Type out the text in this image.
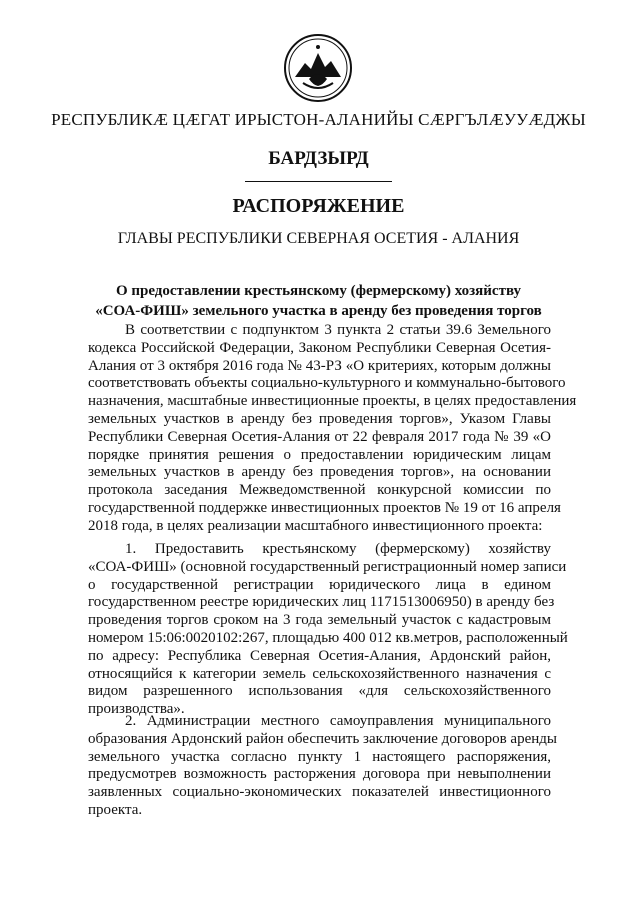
РЕСПУБЛИКӔ ЦӔГАТ ИРЫСТОН-АЛАНИЙЫ СӔРГЪЛӔУУӔДЖЫ
БАРДЗЫРД
РАСПОРЯЖЕНИЕ
ГЛАВЫ РЕСПУБЛИКИ СЕВЕРНАЯ ОСЕТИЯ - АЛАНИЯ
О предоставлении крестьянскому (фермерскому) хозяйству
«СОА-ФИШ» земельного участка в аренду без проведения торгов
В соответствии с подпунктом 3 пункта 2 статьи 39.6 Земельного
кодекса Российской Федерации, Законом Республики Северная Осетия-
Алания от 3 октября 2016 года № 43-РЗ «О критериях, которым должны
соответствовать объекты социально-культурного и коммунально-бытового
назначения, масштабные инвестиционные проекты, в целях предоставления
земельных участков в аренду без проведения торгов», Указом Главы
Республики Северная Осетия-Алания от 22 февраля 2017 года № 39 «О
порядке принятия решения о предоставлении юридическим лицам
земельных участков в аренду без проведения торгов», на основании
протокола заседания Межведомственной конкурсной комиссии по
государственной поддержке инвестиционных проектов № 19 от 16 апреля
2018 года, в целях реализации масштабного инвестиционного проекта:
1. Предоставить крестьянскому (фермерскому) хозяйству
«СОА-ФИШ» (основной государственный регистрационный номер записи
о государственной регистрации юридического лица в едином
государственном реестре юридических лиц 1171513006950) в аренду без
проведения торгов сроком на 3 года земельный участок с кадастровым
номером 15:06:0020102:267, площадью 400 012 кв.метров, расположенный
по адресу: Республика Северная Осетия-Алания, Ардонский район,
относящийся к категории земель сельскохозяйственного назначения с
видом разрешенного использования «для сельскохозяйственного
производства».
2. Администрации местного самоуправления муниципального
образования Ардонский район обеспечить заключение договоров аренды
земельного участка согласно пункту 1 настоящего распоряжения,
предусмотрев возможность расторжения договора при невыполнении
заявленных социально-экономических показателей инвестиционного
проекта.
